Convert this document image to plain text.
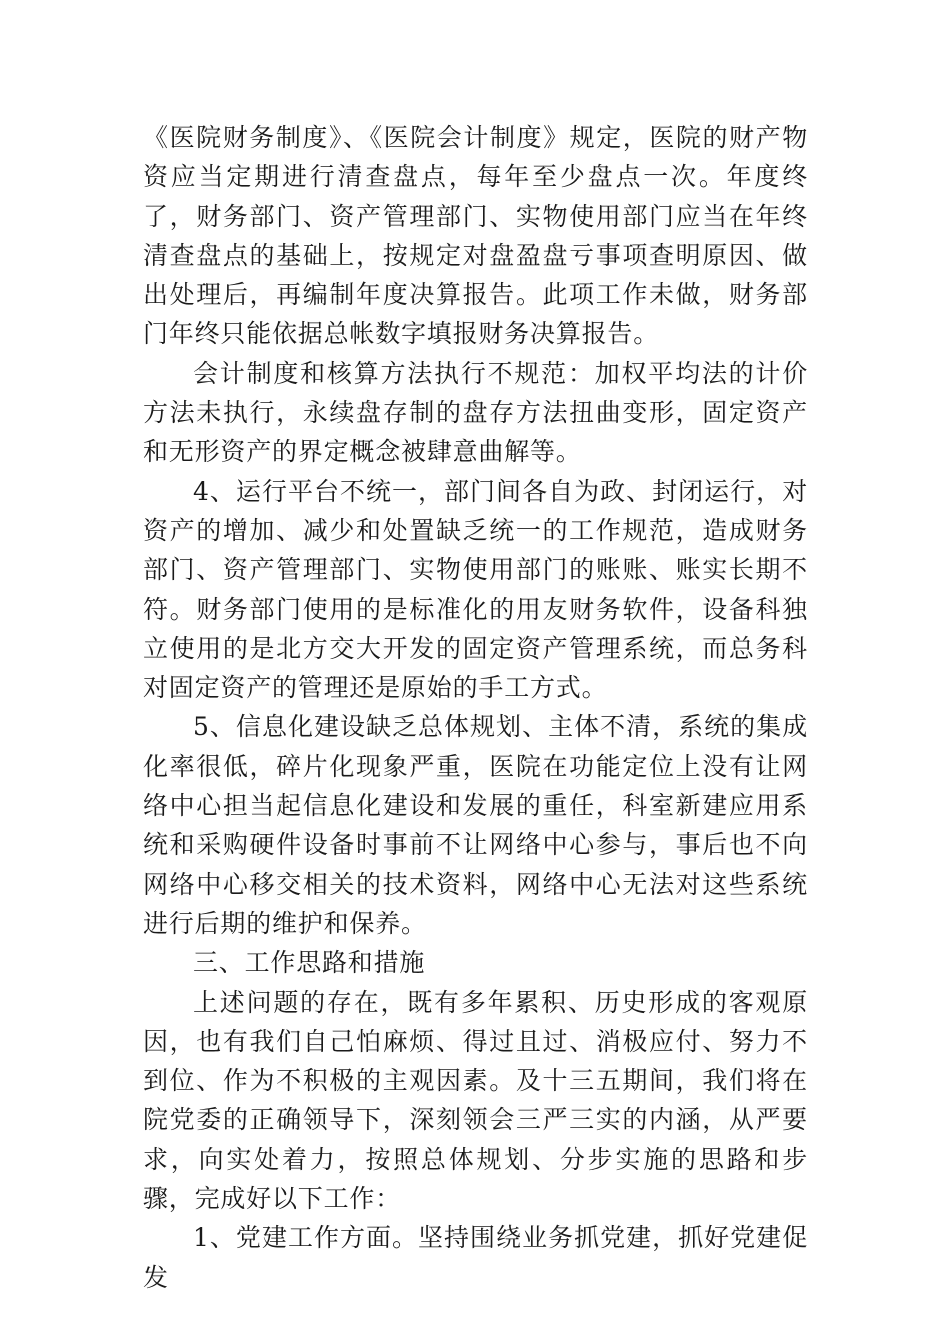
《医院财务制度》、《医院会计制度》规定，医院的财产物资应当定期进行清查盘点，每年至少盘点一次。年度终了，财务部门、资产管理部门、实物使用部门应当在年终清查盘点的基础上，按规定对盘盈盘亏事项查明原因、做出处理后，再编制年度决算报告。此项工作未做，财务部门年终只能依据总帐数字填报财务决算报告。

会计制度和核算方法执行不规范：加权平均法的计价方法未执行，永续盘存制的盘存方法扭曲变形，固定资产和无形资产的界定概念被肆意曲解等。

4、运行平台不统一，部门间各自为政、封闭运行，对资产的增加、减少和处置缺乏统一的工作规范，造成财务部门、资产管理部门、实物使用部门的账账、账实长期不符。财务部门使用的是标准化的用友财务软件，设备科独立使用的是北方交大开发的固定资产管理系统，而总务科对固定资产的管理还是原始的手工方式。

5、信息化建设缺乏总体规划、主体不清，系统的集成化率很低，碎片化现象严重，医院在功能定位上没有让网络中心担当起信息化建设和发展的重任，科室新建应用系统和采购硬件设备时事前不让网络中心参与，事后也不向网络中心移交相关的技术资料，网络中心无法对这些系统进行后期的维护和保养。

三、工作思路和措施

上述问题的存在，既有多年累积、历史形成的客观原因，也有我们自己怕麻烦、得过且过、消极应付、努力不到位、作为不积极的主观因素。及十三五期间，我们将在院党委的正确领导下，深刻领会三严三实的内涵，从严要求，向实处着力，按照总体规划、分步实施的思路和步骤，完成好以下工作：

1、党建工作方面。坚持围绕业务抓党建，抓好党建促发
